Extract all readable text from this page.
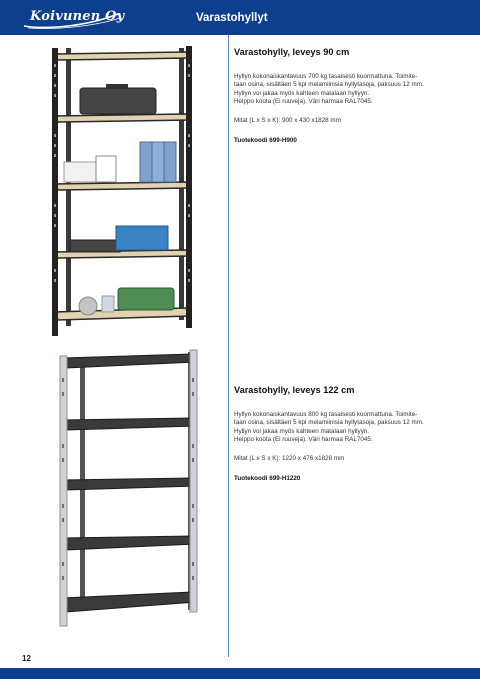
Koivunen Oy	Varastohyllyt
Varastohylly, leveys 90 cm

Hyllyn kokonaiskantavuus 700 kg tasaisesti kuormattuna. Toimite-
taan osina, sisältäen 5 kpl melamiinisia hyllytasoja, paksuus 12 mm.
Hyllyn voi jakaa myös kahteen matalaan hyllyyn.
Helppo koota (Ei ruuveja). Väri harmaa RAL7045.

Mitat (L x S x K): 900 x 430 x1828 mm

Tuotekoodi 699-H900

Varastohylly, leveys 122 cm

Hyllyn kokonaiskantavuus 800 kg tasaisesti kuormattuna. Toimite-
taan osina, sisältäen 5 kpl melamiinisia hyllytasoja, paksuus 12 mm.
Hyllyn voi jakaa myös kahteen matalaan hyllyyn.
Helppo koota (Ei ruuveja). Väri harmaa RAL7045.

Mitat (L x S x K): 1220 x 476 x1828 mm

Tuotekoodi 699-H1220

12
